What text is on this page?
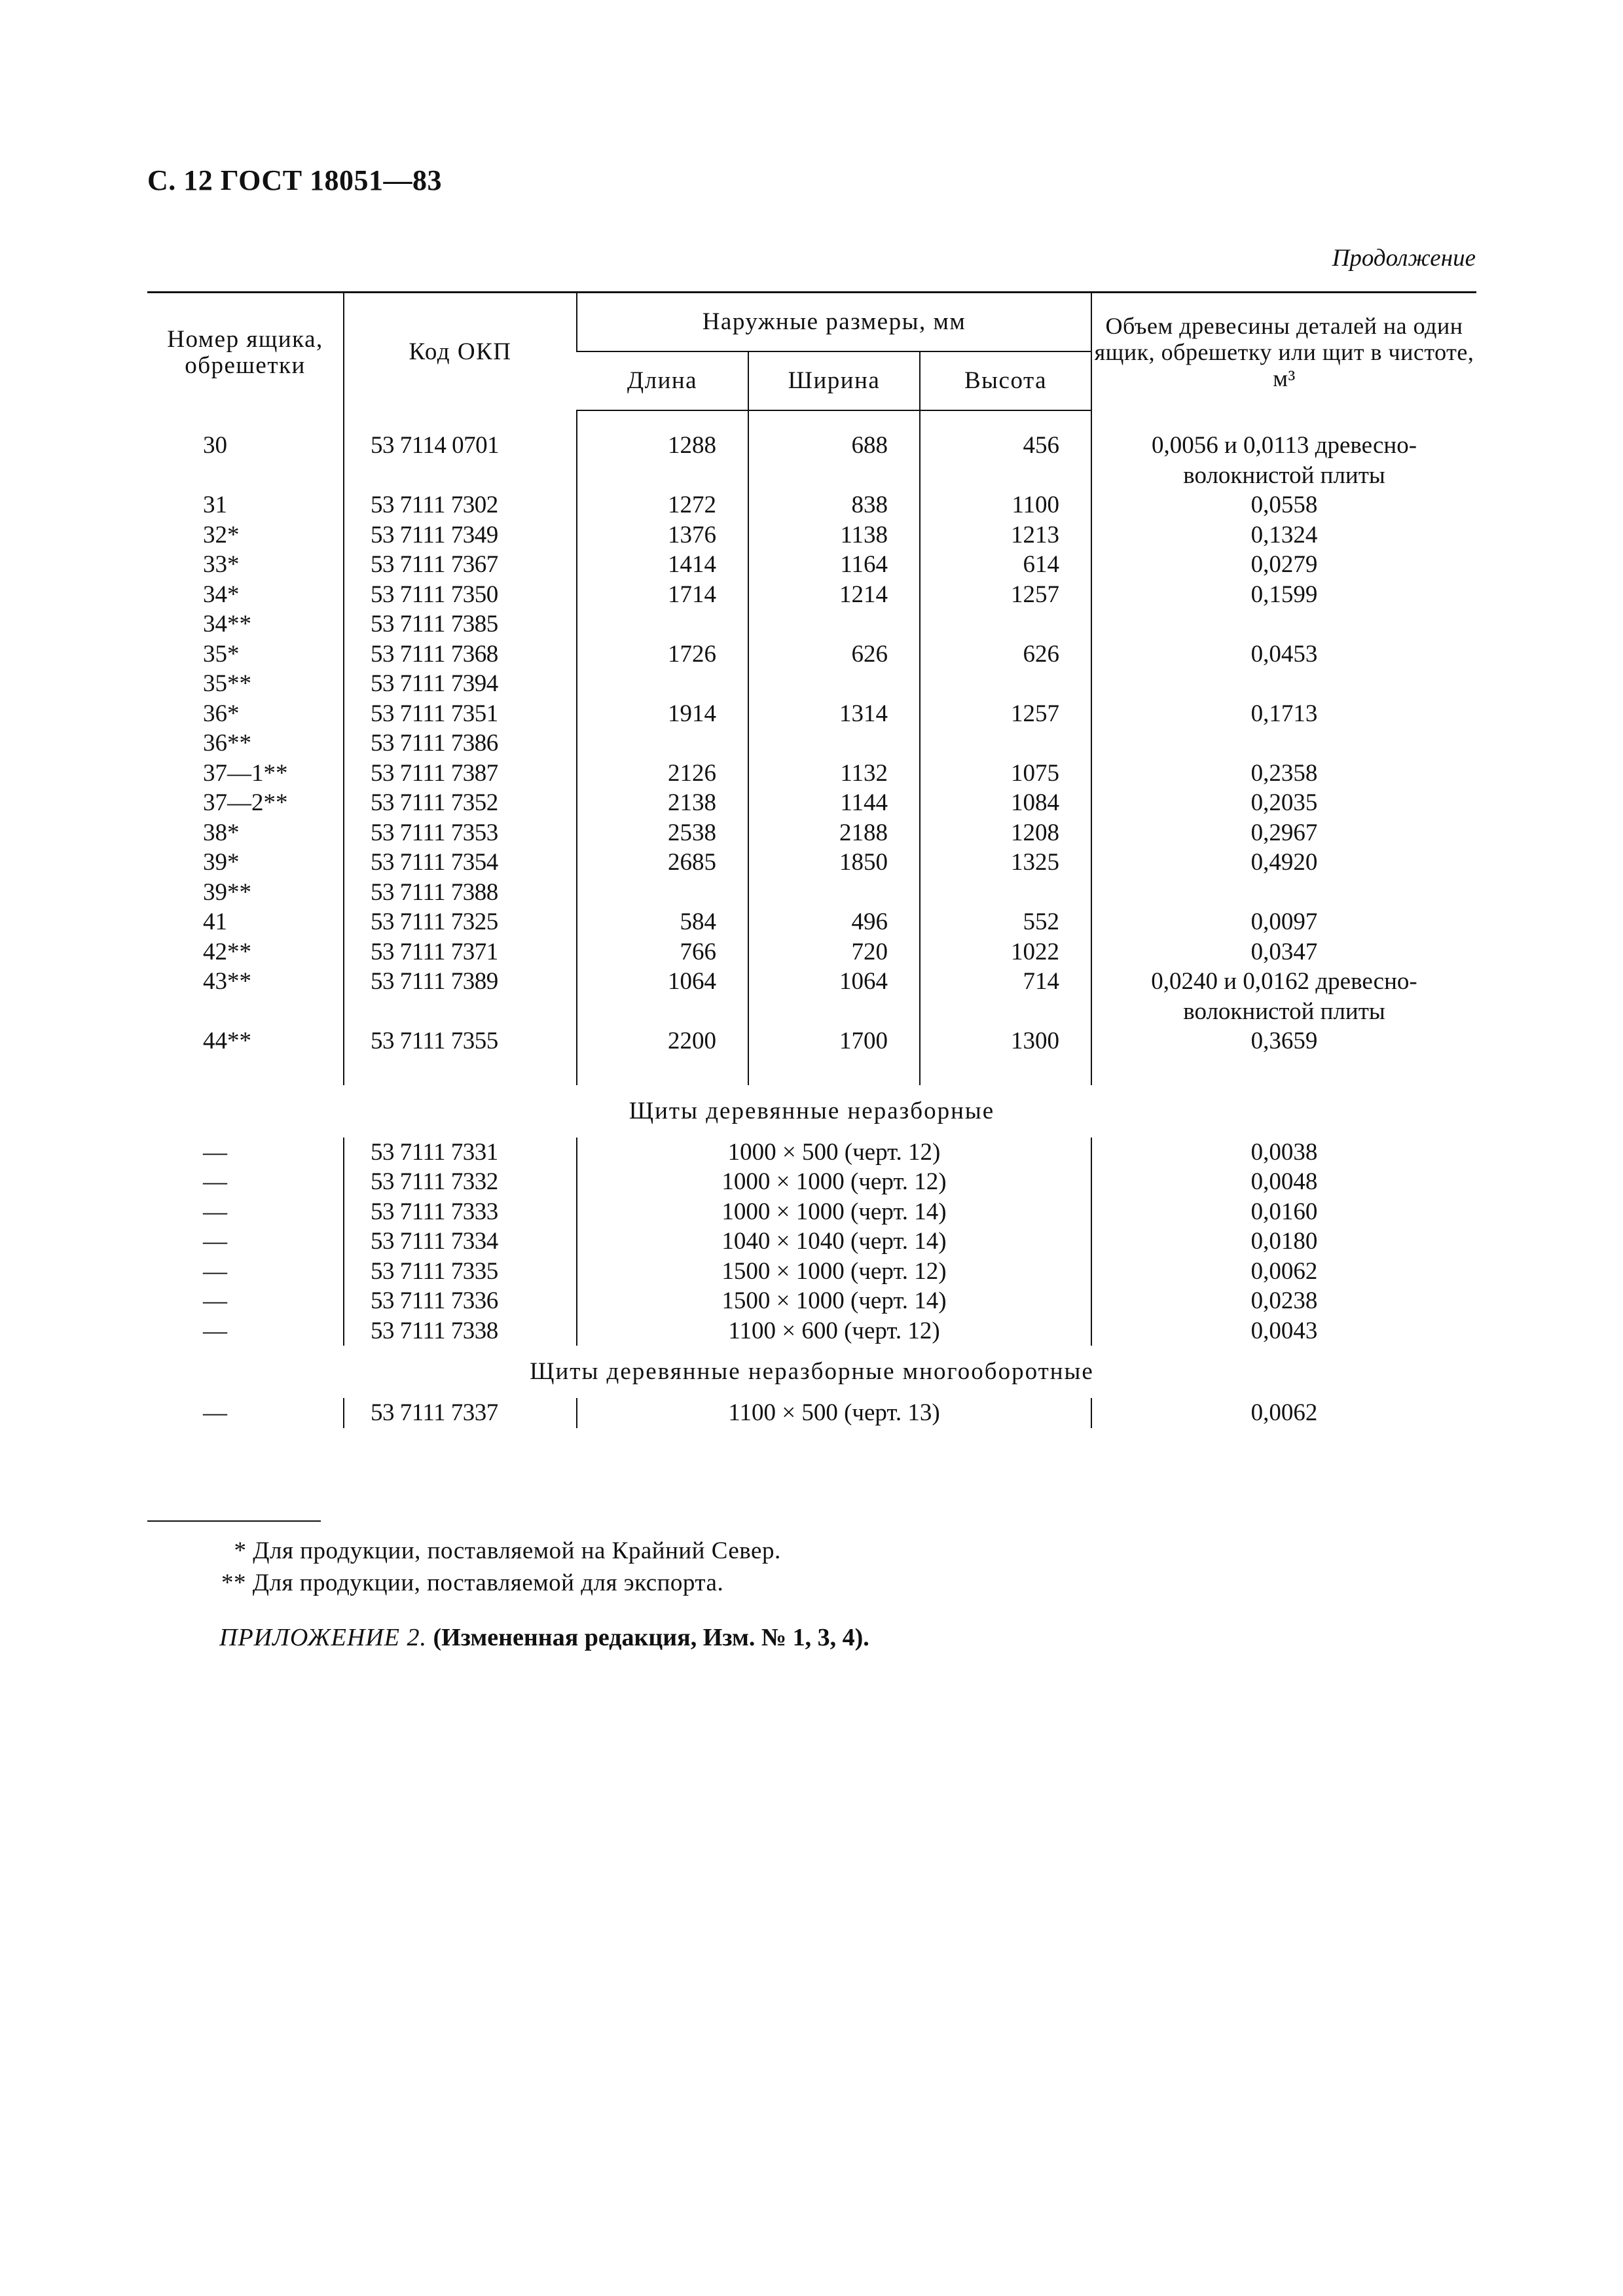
С. 12 ГОСТ 18051—83
Продолжение
Номер ящика, обрешетки	Код ОКП	Наружные размеры, мм			Объем древесины деталей на один ящик, обрешетку или щит в чистоте, м³
		Длина	Ширина	Высота	

30	53 7114 0701	1288	688	456	0,0056 и 0,0113 древесно-
					волокнистой плиты
31	53 7111 7302	1272	838	1100	0,0558
32*	53 7111 7349	1376	1138	1213	0,1324
33*	53 7111 7367	1414	1164	614	0,0279
34*	53 7111 7350	1714	1214	1257	0,1599
34**	53 7111 7385				
35*	53 7111 7368	1726	626	626	0,0453
35**	53 7111 7394				
36*	53 7111 7351	1914	1314	1257	0,1713
36**	53 7111 7386				
37—1**	53 7111 7387	2126	1132	1075	0,2358
37—2**	53 7111 7352	2138	1144	1084	0,2035
38*	53 7111 7353	2538	2188	1208	0,2967
39*	53 7111 7354	2685	1850	1325	0,4920
39**	53 7111 7388				
41	53 7111 7325	584	496	552	0,0097
42**	53 7111 7371	766	720	1022	0,0347
43**	53 7111 7389	1064	1064	714	0,0240 и 0,0162 древесно-
					волокнистой плиты
44**	53 7111 7355	2200	1700	1300	0,3659

Щиты деревянные неразборные					
—	53 7111 7331	1000 × 500 (черт. 12)			0,0038
—	53 7111 7332	1000 × 1000 (черт. 12)			0,0048
—	53 7111 7333	1000 × 1000 (черт. 14)			0,0160
—	53 7111 7334	1040 × 1040 (черт. 14)			0,0180
—	53 7111 7335	1500 × 1000 (черт. 12)			0,0062
—	53 7111 7336	1500 × 1000 (черт. 14)			0,0238
—	53 7111 7338	1100 × 600 (черт. 12)			0,0043
Щиты деревянные неразборные многооборотные					
—	53 7111 7337	1100 × 500 (черт. 13)			0,0062
* Для продукции, поставляемой на Крайний Север.
** Для продукции, поставляемой для экспорта.
ПРИЛОЖЕНИЕ 2. (Измененная редакция, Изм. № 1, 3, 4).
